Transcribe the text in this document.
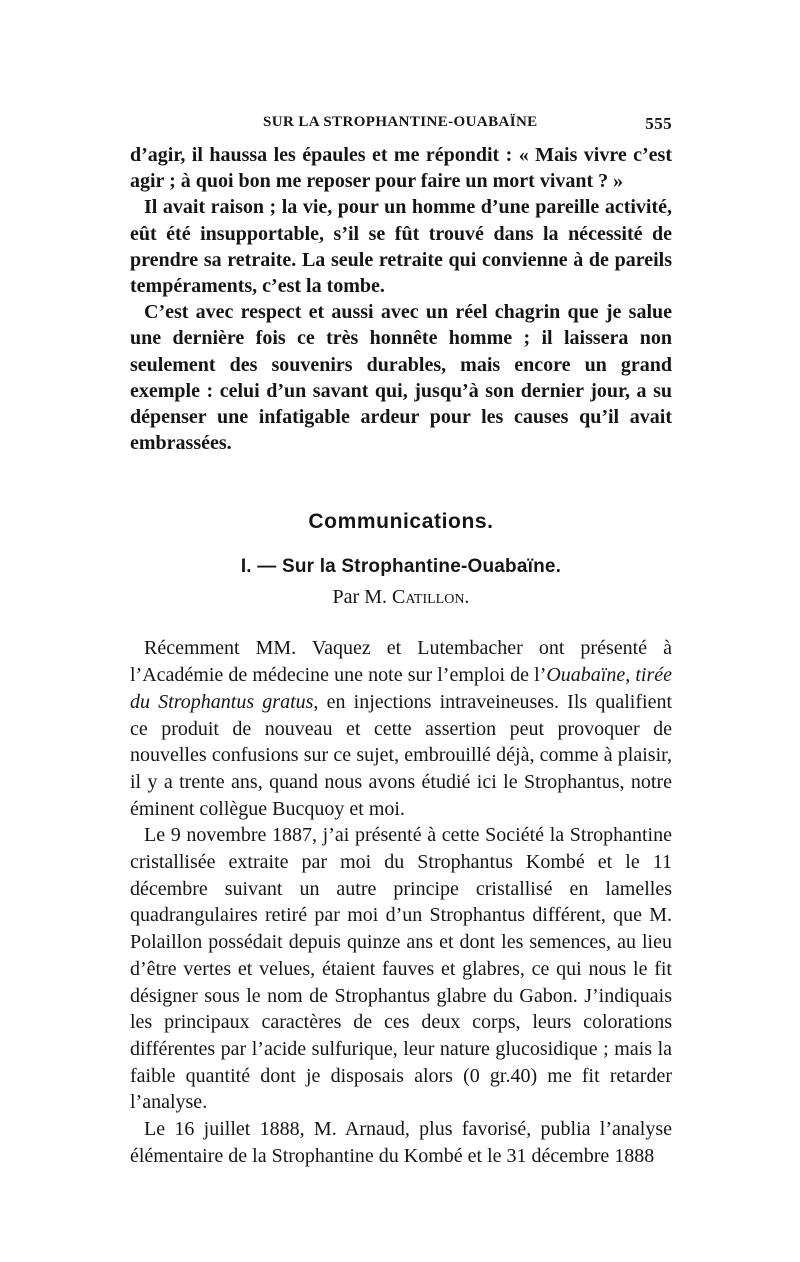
SUR LA STROPHANTINE-OUABAÏNE	555

d’agir, il haussa les épaules et me répondit : « Mais vivre c’est agir ; à quoi bon me reposer pour faire un mort vivant ? »

Il avait raison ; la vie, pour un homme d’une pareille activité, eût été insupportable, s’il se fût trouvé dans la nécessité de prendre sa retraite. La seule retraite qui convienne à de pareils tempéraments, c’est la tombe.

C’est avec respect et aussi avec un réel chagrin que je salue une dernière fois ce très honnête homme ; il laissera non seulement des souvenirs durables, mais encore un grand exemple : celui d’un savant qui, jusqu’à son dernier jour, a su dépenser une infatigable ardeur pour les causes qu’il avait embrassées.

Communications.
I. — Sur la Strophantine-Ouabaïne.
Par M. Catillon.

Récemment MM. Vaquez et Lutembacher ont présenté à l’Académie de médecine une note sur l’emploi de l’Ouabaïne, tirée du Strophantus gratus, en injections intraveineuses. Ils qualifient ce produit de nouveau et cette assertion peut provoquer de nouvelles confusions sur ce sujet, embrouillé déjà, comme à plaisir, il y a trente ans, quand nous avons étudié ici le Strophantus, notre éminent collègue Bucquoy et moi.

Le 9 novembre 1887, j’ai présenté à cette Société la Strophantine cristallisée extraite par moi du Strophantus Kombé et le 11 décembre suivant un autre principe cristallisé en lamelles quadrangulaires retiré par moi d’un Strophantus différent, que M. Polaillon possédait depuis quinze ans et dont les semences, au lieu d’être vertes et velues, étaient fauves et glabres, ce qui nous le fit désigner sous le nom de Strophantus glabre du Gabon. J’indiquais les principaux caractères de ces deux corps, leurs colorations différentes par l’acide sulfurique, leur nature glucosidique ; mais la faible quantité dont je disposais alors (0 gr.40) me fit retarder l’analyse.

Le 16 juillet 1888, M. Arnaud, plus favorisé, publia l’analyse élémentaire de la Strophantine du Kombé et le 31 décembre 1888
